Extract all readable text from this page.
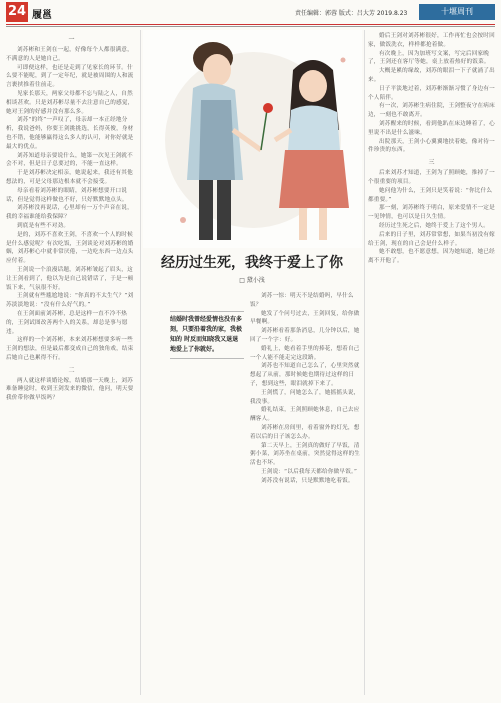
24 履邕	责任编辑：郭蓉 版式：吕大芳 2019.8.23	十堰周刊
一

刘苏彬和王剑在一起，好像每个人都很满意，不满意的人是她自己。

可即便这样，也还是走到了见家长的环节。什么要不能呢，到了一定年纪，就是被周围的人和流言裹挟推着往前走。

见家长那天，两家父母都不忘与陆之人，自然相谈甚欢。只是刘苏彬尽量不去注意自己的感觉，她对王剑的好感并没有那么多。

刘苏“的终”一声叹了，母亲却一本正经地分析，我说爸妈，你要王剑挑挑选，长得英俊，身材也不错，他能够赢得这么多人的认可，对你好就是最大的优点。

刘苏知道母亲要说什么，她第一次见王剑就不会不对，但是日子总要过的，不能一直这样。

于是刘苏彬决定相亲，她说起来，我还有其他想法的，可是父母那边根本就不会接受。

母亲看着刘苏彬的眼睛，刘苏彬想要开口说话，但是觉得这样做也不好，只好默默地点头。

刘苏彬没再说话，心里却有一万个声音在说，我的幸福谁能给我保障？

到底是有些不对劲。

是的，刘苏不喜欢王剑，不喜欢一个人的时候是什么感觉呢？有次吃饭，王剑谈论对刘苏彬的婚姻，刘苏彬心中就非常厌倦，一边吃东西一边点头应付着。

王剑说一个浪漫话题，刘苏彬皱起了眉头，这让王剑看到了，他以为是自己说错话了，于是一顿饭下来，气氛很不好。

王剑就有些尴尬地说：“你真的不太生气？”刘苏淡淡地说：“没有什么好气的。”

在王剑面前刘苏彬，总是这样一直不冷不热的，王剑试图改善两个人的关系，却总是事与愿违。

这样的一个刘苏彬，本来刘苏彬想要多听一些王剑的想法，但是最后都变成自己的独角戏，结束后她自己也累得不行。

二

两人就这样谈婚论嫁，结婚那一天晚上，刘苏难备睡觉时，收到王剑发来的微信，他问，明天要我价带你做早饭吗？

经历过生死，我终于爱上了你
□ 黛小浅
结婚时我曾经爱情也没有多刻，只要沿着我的家，我极知的 时反而知晓我又退退地爱上了你就好。

刘苏一惊：明天不是结婚吗，早什么饭？

她发了个问号过去，王剑回复，给你做早餐啊。

刘苏彬看着那条消息，几分钟以后，她回了一个字：好。

婚礼上，她看着手里的捧花，想着自己一个人能不能走完这段路。

刘苏也不知道自己怎么了，心里突然就想起了从前，那时候她也期待过这样的日子，想到这些，眼泪就掉下来了。

王剑慌了，问她怎么了，她摇摇头说，我没事。

婚礼结束，王剑照顾她休息，自己去应酬客人。

刘苏彬在房间里，看着窗外的灯光，想着以后的日子该怎么办。

第二天早上，王剑真的做好了早饭，清粥小菜，刘苏坐在桌前，突然觉得这样的生活也不坏。

王剑说：“以后我每天都给你做早饭。”

刘苏没有说话，只是默默地吃着饭。

婚后王剑对刘苏彬很好，工作再忙也会按时回家，做饭洗衣，样样都抢着做。

有次晚上，因为加班写文案，写完后回家晚了，王剑还在客厅等她，桌上放着热好的饭菜。

大概是累的缘故，刘苏的眼泪一下子就涌了出来。

日子平淡地过着，刘苏彬渐渐习惯了身边有一个人陪伴。

有一次，刘苏彬生病住院，王剑整夜守在病床边，一刻也不敢离开。

刘苏醒来的时候，看到他趴在床边睡着了，心里说不出是什么滋味。

出院那天，王剑小心翼翼地扶着她，像对待一件珍贵的东西。

三

后来刘苏才知道，王剑为了照顾她，推掉了一个很重要的项目。

她问他为什么，王剑只是笑着说：“你比什么都重要。”

那一刻，刘苏彬终于明白，原来爱情不一定是一见钟情，也可以是日久生情。

经历过生死之后，她终于爱上了这个男人。

后来的日子里，刘苏常常想，如果当初没有嫁给王剑，现在的自己会是什么样子。

她不敢想，也不愿意想，因为她知道，她已经离不开他了。
